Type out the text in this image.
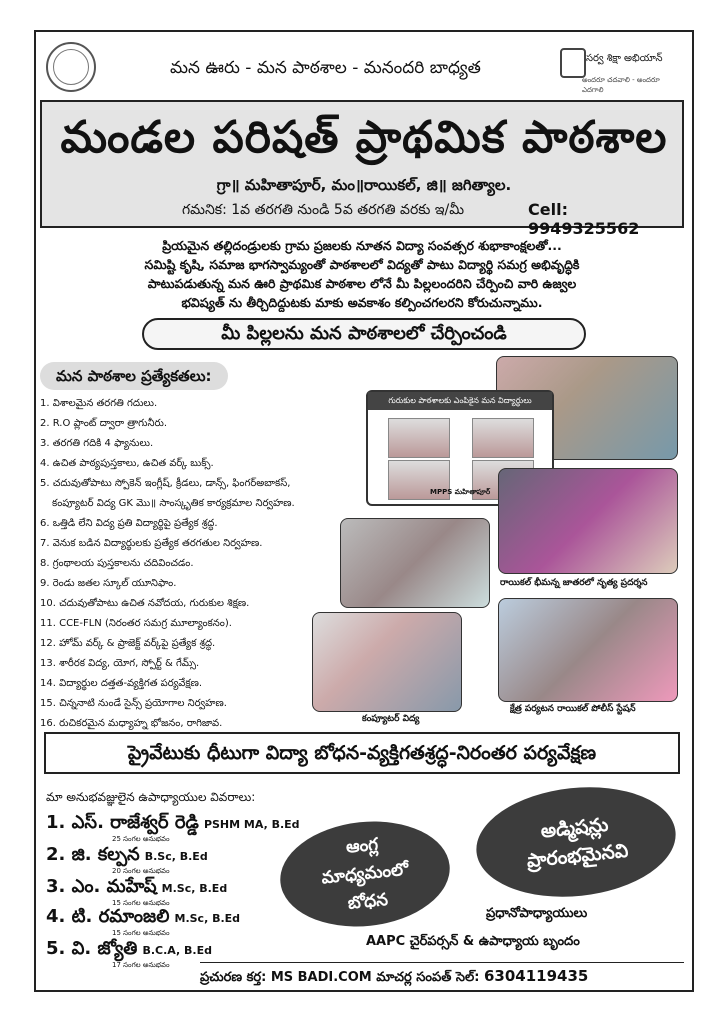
మన ఊరు - మన పాఠశాల - మనందరి బాధ్యత	సర్వ శిక్షా అభియాన్
అందరూ చదవాలి - అందరూ ఎదగాలి
మండల పరిషత్ ప్రాథమిక పాఠశాల
గ్రా॥ మహితాపూర్, మం॥రాయికల్, జి॥ జగిత్యాల.
గమనిక: 1వ తరగతి నుండి 5వ తరగతి వరకు ఇ/మీ	Cell: 9949325562
ప్రియమైన తల్లిదండ్రులకు గ్రామ ప్రజలకు నూతన విద్యా సంవత్సర శుభాకాంక్షలతో...
సమిష్టి కృషి, సమాజ భాగస్వామ్యంతో పాఠశాలలో విద్యతో పాటు విద్యార్థి సమగ్ర అభివృద్ధికి
పాటుపడుతున్న మన ఊరి ప్రాథమిక పాఠశాల లోనే మీ పిల్లలందరిని చేర్పించి వారి ఉజ్వల
భవిష్యత్ ను తీర్చిదిద్దుటకు మాకు అవకాశం కల్పించగలరని కోరుచున్నాము.
మీ పిల్లలను మన పాఠశాలలో చేర్పించండి
మన పాఠశాల ప్రత్యేకతలు:
1. విశాలమైన తరగతి గదులు.
2. R.O ప్లాంట్ ద్వారా త్రాగునీరు.
3. తరగతి గదికి 4 ఫ్యానులు.
4. ఉచిత పాఠ్యపుస్తకాలు, ఉచిత వర్క్ బుక్స్.
5. చదువుతోపాటు స్పోకెన్ ఇంగ్లీష్, క్రీడలు, డాన్స్, ఫింగర్అబాకస్,
కంప్యూటర్ విద్య GK మొ॥ సాంస్కృతిక కార్యక్రమాల నిర్వహణ.
6. ఒత్తిడి లేని విద్య ప్రతి విద్యార్థిపై ప్రత్యేక శ్రద్ధ.
7. వెనుక బడిన విద్యార్థులకు ప్రత్యేక తరగతుల నిర్వహణ.
8. గ్రంథాలయ పుస్తకాలను చదివించడం.
9. రెండు జతల స్కూల్ యూనిఫాం.
10. చదువుతోపాటు ఉచిత నవోదయ, గురుకుల శిక్షణ.
11. CCE-FLN (నిరంతర సమగ్ర మూల్యాంకనం).
12. హోమ్ వర్క్ & ప్రాజెక్ట్ వర్క్‌పై ప్రత్యేక శ్రద్ధ.
13. శారీరక విద్య, యోగ, స్పోర్ట్ & గేమ్స్.
14. విద్యార్థుల దత్తత-వ్యక్తిగత పర్యవేక్షణ.
15. చిన్ననాటి నుండే సైన్స్ ప్రయోగాల నిర్వహణ.
16. రుచికరమైన మధ్యాహ్న భోజనం, రాగిజావ.
గురుకుల పాఠశాలకు ఎంపికైన మన విద్యార్థులు
MPPS మహితాపూర్
రాయికల్ భీమన్న జాతరలో నృత్య ప్రదర్శన
కంప్యూటర్ విద్య
క్షేత్ర పర్యటన రాయికల్ పోలీస్ స్టేషన్
ప్రైవేటుకు ధీటుగా విద్యా బోధన-వ్యక్తిగతశ్రద్ధ-నిరంతర పర్యవేక్షణ
మా అనుభవజ్ఞులైన ఉపాధ్యాయుల వివరాలు:
1. ఎస్. రాజేశ్వర్ రెడ్డి PSHM MA, B.Ed
25 సంగల అనుభవం
2. జి. కల్పన B.Sc, B.Ed
20 సంగల అనుభవం
3. ఎం. మహేష్ M.Sc, B.Ed
15 సంగల అనుభవం
4. టి. రమాంజలి M.Sc, B.Ed
15 సంగల అనుభవం
5. వి. జ్యోతి B.C.A, B.Ed
17 సంగల అనుభవం
ఆంగ్ల
మాధ్యమంలో
బోధన
అడ్మిషన్లు
ప్రారంభమైనవి
ప్రధానోపాధ్యాయులు
AAPC చైర్‌పర్సన్ & ఉపాధ్యాయ బృందం
ప్రచురణ కర్త: MS BADI.COM మాచర్ల సంపత్ సెల్: 6304119435
